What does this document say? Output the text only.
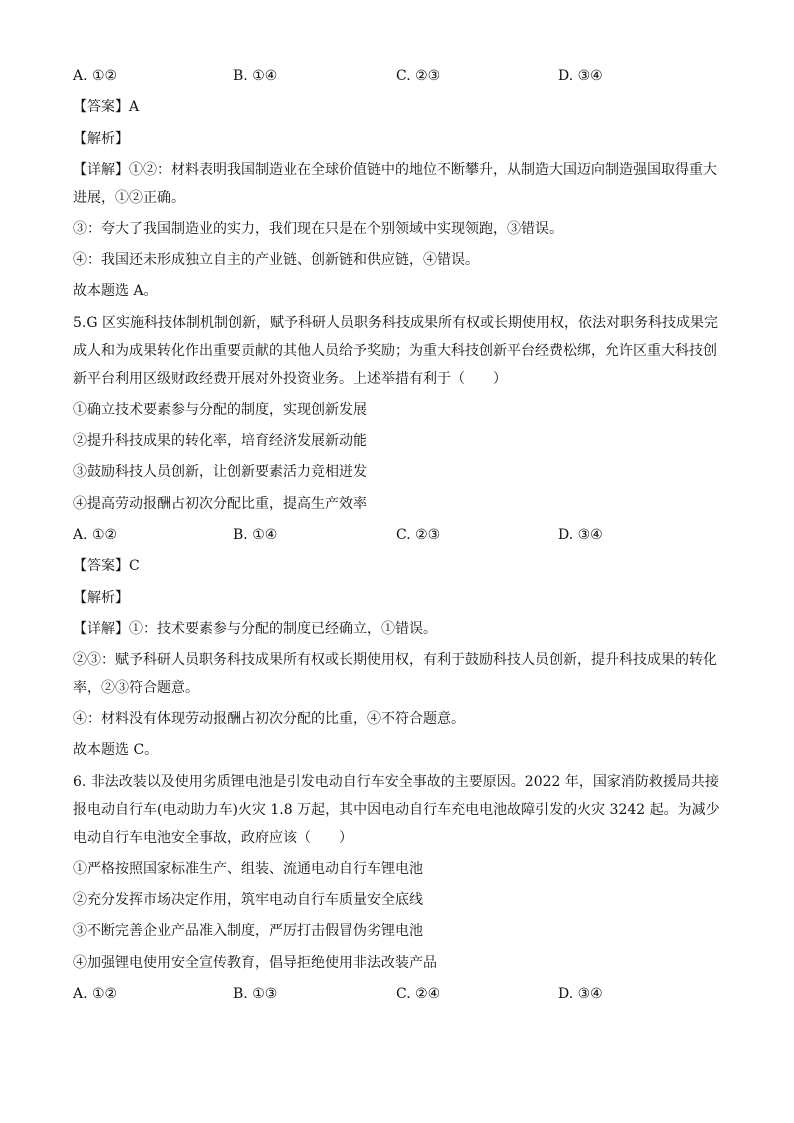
A. ①②	B. ①④	C. ②③	D. ③④
【答案】A
【解析】
【详解】①②：材料表明我国制造业在全球价值链中的地位不断攀升，从制造大国迈向制造强国取得重大进展，①②正确。
③：夸大了我国制造业的实力，我们现在只是在个别领域中实现领跑，③错误。
④：我国还未形成独立自主的产业链、创新链和供应链，④错误。
故本题选 A。
5.G 区实施科技体制机制创新，赋予科研人员职务科技成果所有权或长期使用权，依法对职务科技成果完成人和为成果转化作出重要贡献的其他人员给予奖励；为重大科技创新平台经费松绑，允许区重大科技创新平台利用区级财政经费开展对外投资业务。上述举措有利于（　　）
①确立技术要素参与分配的制度，实现创新发展
②提升科技成果的转化率，培育经济发展新动能
③鼓励科技人员创新，让创新要素活力竞相迸发
④提高劳动报酬占初次分配比重，提高生产效率
A. ①②	B. ①④	C. ②③	D. ③④
【答案】C
【解析】
【详解】①：技术要素参与分配的制度已经确立，①错误。
②③：赋予科研人员职务科技成果所有权或长期使用权，有利于鼓励科技人员创新，提升科技成果的转化率，②③符合题意。
④：材料没有体现劳动报酬占初次分配的比重，④不符合题意。
故本题选 C。
6. 非法改装以及使用劣质锂电池是引发电动自行车安全事故的主要原因。2022 年，国家消防救援局共接报电动自行车(电动助力车)火灾 1.8 万起，其中因电动自行车充电电池故障引发的火灾 3242 起。为减少电动自行车电池安全事故，政府应该（　　）
①严格按照国家标准生产、组装、流通电动自行车锂电池
②充分发挥市场决定作用，筑牢电动自行车质量安全底线
③不断完善企业产品准入制度，严厉打击假冒伪劣锂电池
④加强锂电使用安全宣传教育，倡导拒绝使用非法改装产品
A. ①②	B. ①③	C. ②④	D. ③④
